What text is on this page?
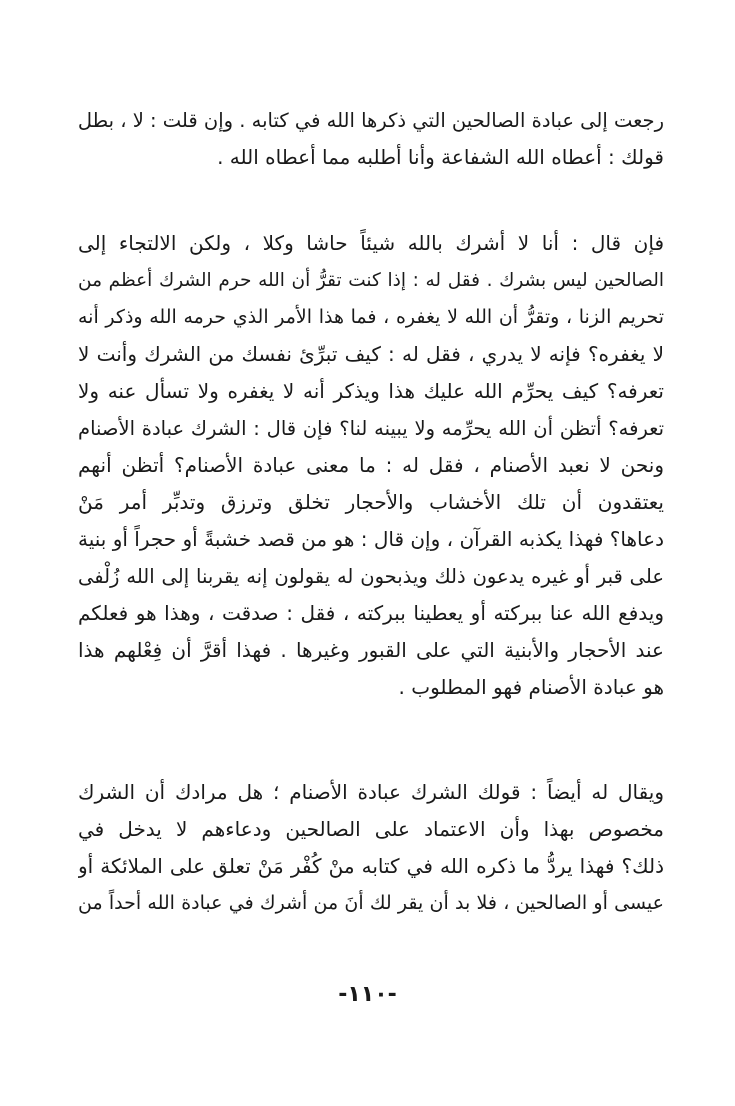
رجعت إلى عبادة الصالحين التي ذكرها الله في كتابه . وإن قلت : لا ، بطل
قولك : أعطاه الله الشفاعة وأنا أطلبه مما أعطاه الله .
فإن قال : أنا لا أشرك بالله شيئاً حاشا وكلا ، ولكن الالتجاء إلى
الصالحين ليس بشرك . فقل له : إذا كنت تقرُّ أن الله حرم الشرك أعظم من
تحريم الزنا ، وتقرُّ أن الله لا يغفره ، فما هذا الأمر الذي حرمه الله وذكر أنه
لا يغفره؟ فإنه لا يدري ، فقل له : كيف تبرِّئ نفسك من الشرك وأنت لا
تعرفه؟ كيف يحرِّم الله عليك هذا ويذكر أنه لا يغفره ولا تسأل عنه ولا
تعرفه؟ أتظن أن الله يحرِّمه ولا يبينه لنا؟ فإن قال : الشرك عبادة الأصنام
ونحن لا نعبد الأصنام ، فقل له : ما معنى عبادة الأصنام؟ أتظن أنهم
يعتقدون أن تلك الأخشاب والأحجار تخلق وترزق وتدبِّر أمر مَنْ
دعاها؟ فهذا يكذبه القرآن ، وإن قال : هو من قصد خشبةً أو حجراً أو بنية
على قبر أو غيره يدعون ذلك ويذبحون له يقولون إنه يقربنا إلى الله زُلْفى
ويدفع الله عنا ببركته أو يعطينا ببركته ، فقل : صدقت ، وهذا هو فعلكم
عند الأحجار والأبنية التي على القبور وغيرها . فهذا أقرَّ أن فِعْلهم هذا
هو عبادة الأصنام فهو المطلوب .
ويقال له أيضاً : قولك الشرك عبادة الأصنام ؛ هل مرادك أن الشرك
مخصوص بهذا وأن الاعتماد على الصالحين ودعاءهم لا يدخل في
ذلك؟ فهذا يردُّ ما ذكره الله في كتابه منْ كُفْر مَنْ تعلق على الملائكة أو
عيسى أو الصالحين ، فلا بد أن يقر لك أنَ من أشرك في عبادة الله أحداً من
-١١٠-
